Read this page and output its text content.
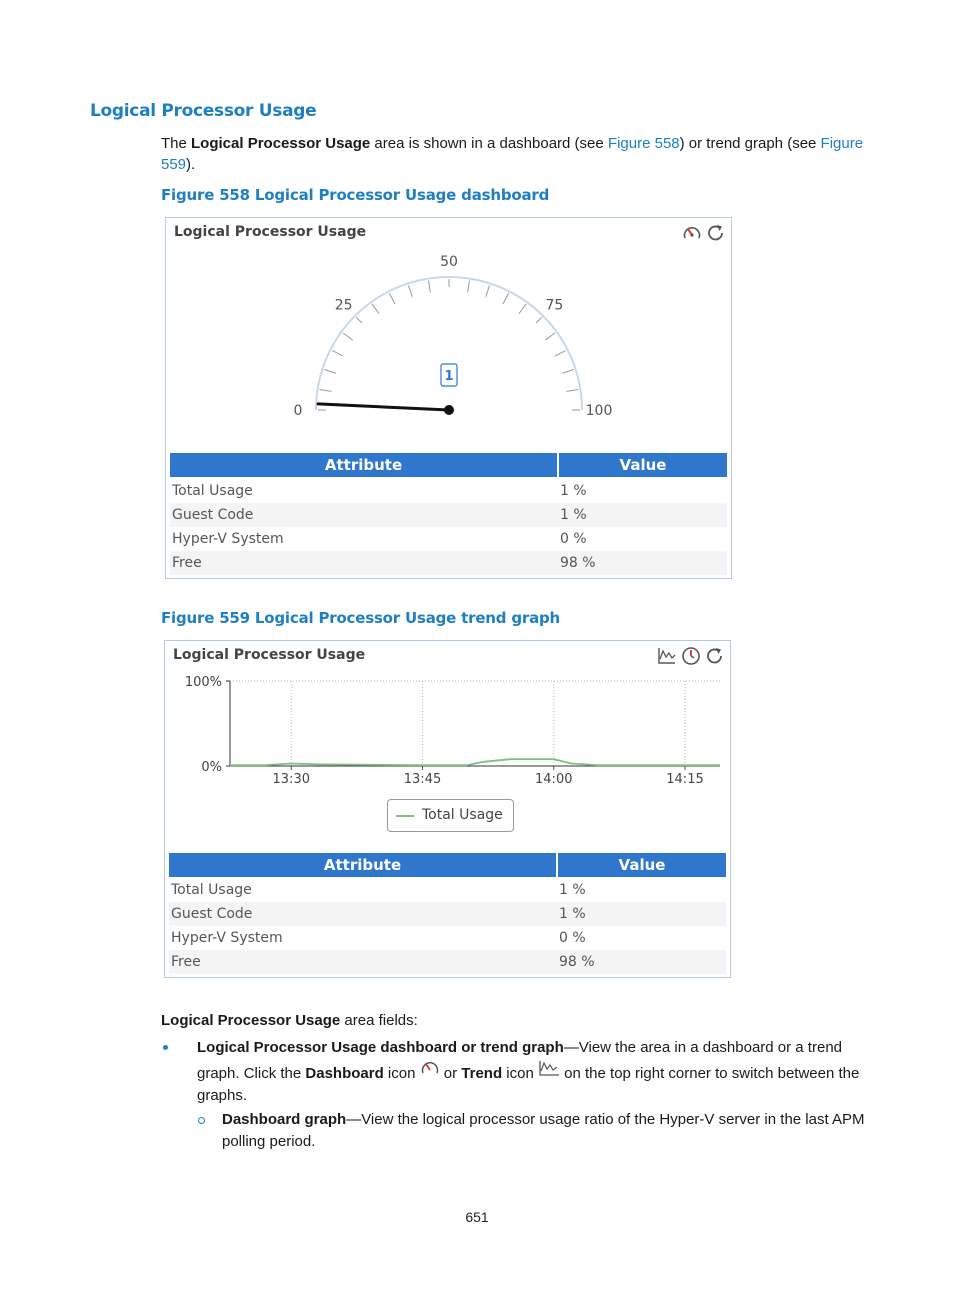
Logical Processor Usage
The Logical Processor Usage area is shown in a dashboard (see Figure 558) or trend graph (see Figure
559).
Figure 558 Logical Processor Usage dashboard
Logical Processor Usage
0
25
50
75
100
1
Attribute	Value
Total Usage	1 %
Guest Code	1 %
Hyper-V System	0 %
Free	98 %
Figure 559 Logical Processor Usage trend graph
Logical Processor Usage
13:30	13:45	14:00	14:15
100%
0%
Total Usage
Attribute	Value
Total Usage	1 %
Guest Code	1 %
Hyper-V System	0 %
Free	98 %
Logical Processor Usage area fields:
Logical Processor Usage dashboard or trend graph—View the area in a dashboard or a trend
graph. Click the Dashboard icon  or Trend icon  on the top right corner to switch between the
graphs.
Dashboard graph—View the logical processor usage ratio of the Hyper-V server in the last APM
polling period.
651
